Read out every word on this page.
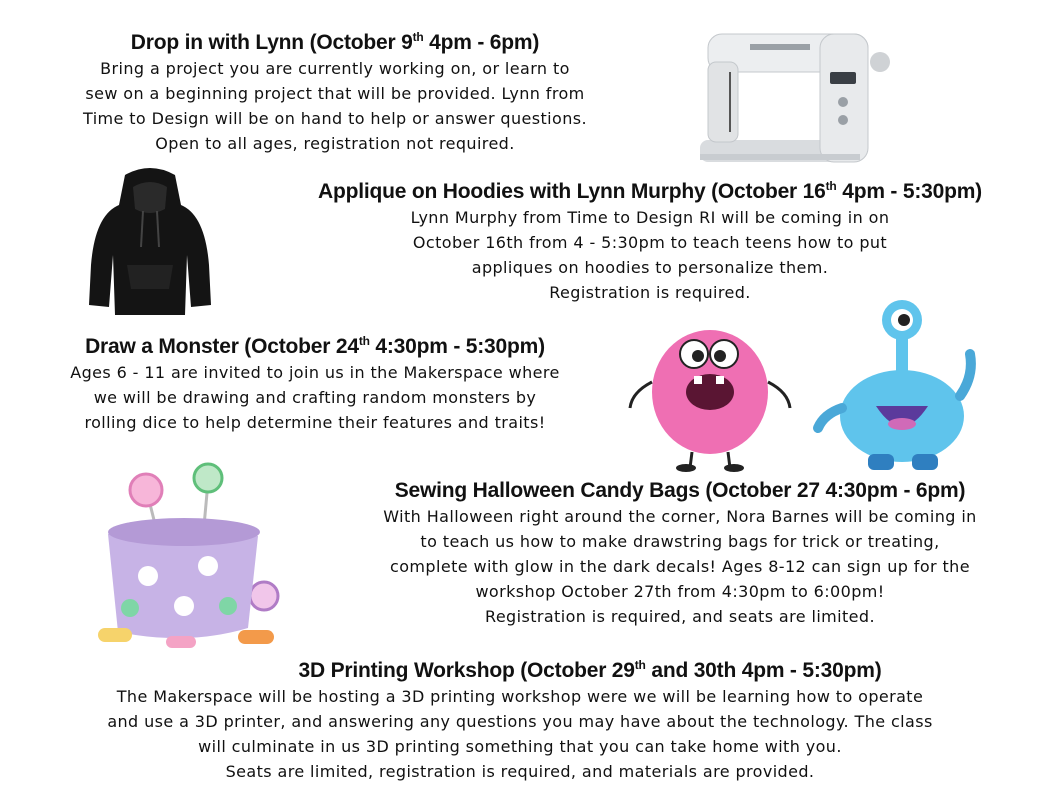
Drop in with Lynn (October 9th 4pm - 6pm)
Bring a project you are currently working on, or learn to
sew on a beginning project that will be provided. Lynn from
Time to Design will be on hand to help or answer questions.
Open to all ages, registration not required.
Applique on Hoodies with Lynn Murphy (October 16th 4pm - 5:30pm)
Lynn Murphy from Time to Design RI will be coming in on
October 16th from 4 - 5:30pm to teach teens how to put
appliques on hoodies to personalize them.
Registration is required.
Draw a Monster (October 24th 4:30pm - 5:30pm)
Ages 6 - 11 are invited to join us in the Makerspace where
we will be drawing and crafting random monsters by
rolling dice to help determine their features and traits!
Sewing Halloween Candy Bags (October 27 4:30pm - 6pm)
With Halloween right around the corner, Nora Barnes will be coming in
to teach us how to make drawstring bags for trick or treating,
complete with glow in the dark decals! Ages 8-12 can sign up for the
workshop October 27th from 4:30pm to 6:00pm!
Registration is required, and seats are limited.
3D Printing Workshop (October 29th and 30th 4pm - 5:30pm)
The Makerspace will be hosting a 3D printing workshop were we will be learning how to operate
and use a 3D printer, and answering any questions you may have about the technology. The class
will culminate in us 3D printing something that you can take home with you.
Seats are limited, registration is required, and materials are provided.
